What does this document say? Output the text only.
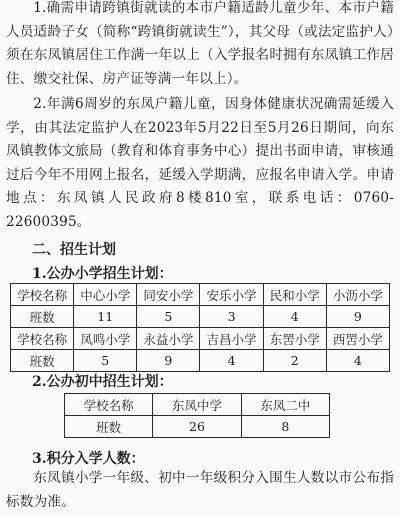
1.确需申请跨镇街就读的本市户籍适龄儿童少年、本市户籍人员适龄子女（简称“跨镇街就读生”），其父母（或法定监护人）须在东凤镇居住工作满一年以上（入学报名时拥有东凤镇工作居住、缴交社保、房产证等满一年以上）。
2.年满6周岁的东凤户籍儿童，因身体健康状况确需延缓入学，由其法定监护人在2023年5月22日至5月26日期间，向东凤镇教体文旅局（教育和体育事务中心）提出书面申请，审核通过后今年不用网上报名，延缓入学期满，应报名申请入学。申请地点：东凤镇人民政府8楼810室，联系电话：0760-22600395。
二、招生计划
1.公办小学招生计划：
学校名称	中心小学	同安小学	安乐小学	民和小学	小沥小学
班数	11	5	3	4	9
学校名称	凤鸣小学	永益小学	吉昌小学	东罟小学	西罟小学
班数	5	9	4	2	4
2.公办初中招生计划：
学校名称	东凤中学	东凤二中
班数	26	8
3.积分入学人数：
东凤镇小学一年级、初中一年级积分入围生人数以市公布指标数为准。
